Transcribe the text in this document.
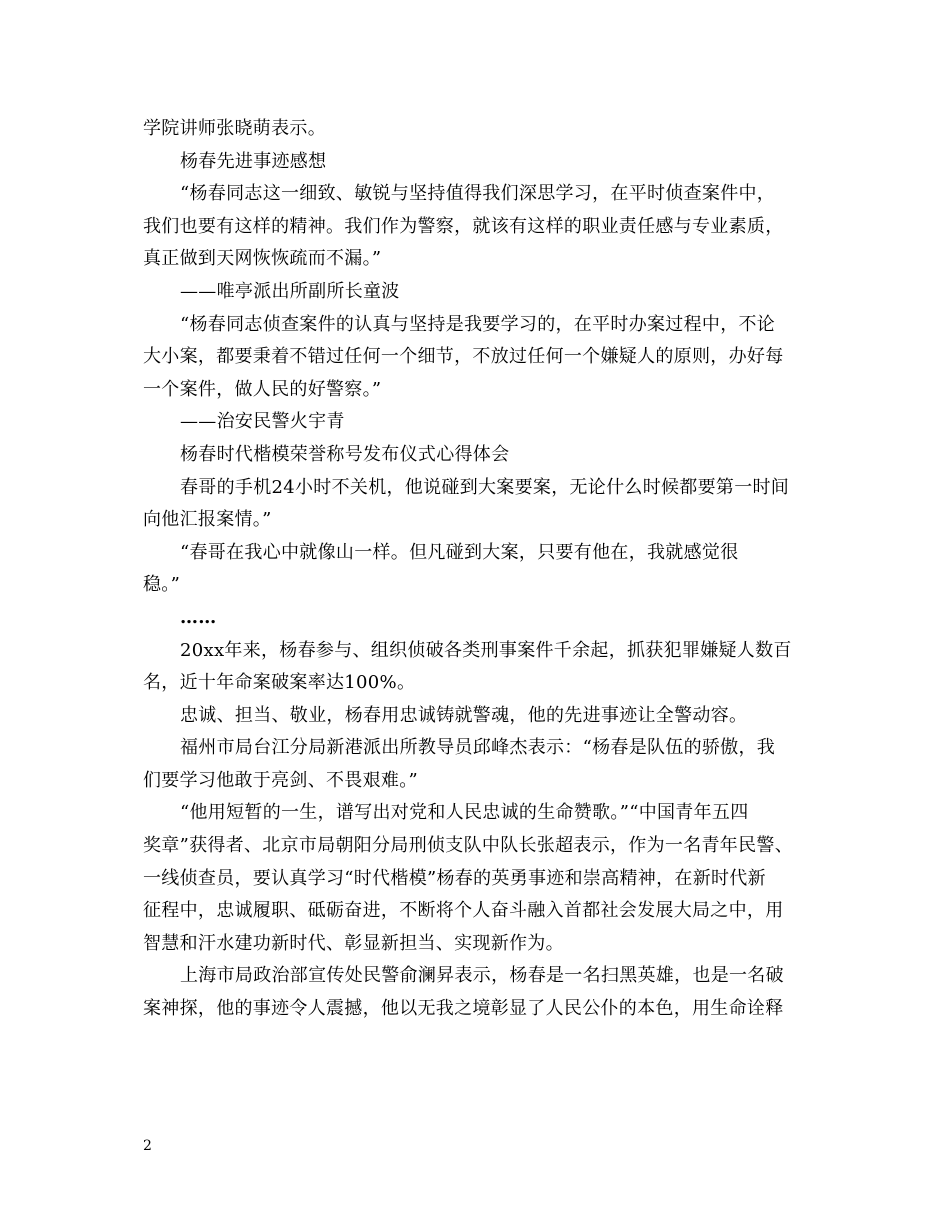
学院讲师张晓萌表示。
杨春先进事迹感想
“杨春同志这一细致、敏锐与坚持值得我们深思学习，在平时侦查案件中，
我们也要有这样的精神。我们作为警察，就该有这样的职业责任感与专业素质，
真正做到天网恢恢疏而不漏。”
——唯亭派出所副所长童波
“杨春同志侦查案件的认真与坚持是我要学习的，在平时办案过程中，不论
大小案，都要秉着不错过任何一个细节，不放过任何一个嫌疑人的原则，办好每
一个案件，做人民的好警察。”
——治安民警火宇青
杨春时代楷模荣誉称号发布仪式心得体会
春哥的手机24小时不关机，他说碰到大案要案，无论什么时候都要第一时间
向他汇报案情。”
“春哥在我心中就像山一样。但凡碰到大案，只要有他在，我就感觉很
稳。”
……
20xx年来，杨春参与、组织侦破各类刑事案件千余起，抓获犯罪嫌疑人数百
名，近十年命案破案率达100%。
忠诚、担当、敬业，杨春用忠诚铸就警魂，他的先进事迹让全警动容。
福州市局台江分局新港派出所教导员邱峰杰表示：“杨春是队伍的骄傲，我
们要学习他敢于亮剑、不畏艰难。”
“他用短暂的一生，谱写出对党和人民忠诚的生命赞歌。”“中国青年五四
奖章”获得者、北京市局朝阳分局刑侦支队中队长张超表示，作为一名青年民警、
一线侦查员，要认真学习“时代楷模”杨春的英勇事迹和崇高精神，在新时代新
征程中，忠诚履职、砥砺奋进，不断将个人奋斗融入首都社会发展大局之中，用
智慧和汗水建功新时代、彰显新担当、实现新作为。
上海市局政治部宣传处民警俞澜昇表示，杨春是一名扫黑英雄，也是一名破
案神探，他的事迹令人震撼，他以无我之境彰显了人民公仆的本色，用生命诠释
2
